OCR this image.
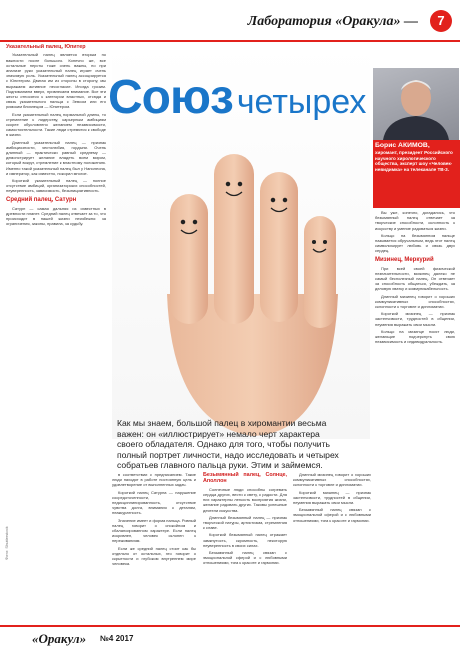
Лаборатория «Оракула» —	7
Указательный палец, Юпитер

Указательный палец является вторым по важности после большого. Конечно же, все остальные персты тоже очень важны, но при анализе руки указательный палец играет очень значимую роль. Указательный палец ассоциируется с Юпитером. Двигая им из стороны в сторону, мы выражаем активное несогласие. Иногда грозим. Подниманием вверх, привлекаем внимание. Все эти жесты относятся к категории властных, отсюда и связь указательного пальца с Зевсом или его римским близнецом — Юпитером.

Если указательный палец нормальной длины, то стремление к лидерству, карьерным амбициям скорее обусловлено желанием независимости, самостоятельности. Такие люди стремятся к свободе в жизни.

Длинный указательный палец — признак амбициозности, честолюбия, гордыни. Очень длинный — практически равный среднему — демонстрирует желание владеть всем миром, который вокруг, стремление к властному положению. Именно такой указательный палец был у Наполеона, и император, как известно, покорил многое.

Короткий указательный палец — полное отсутствие амбиций, организаторских способностей, неуверенность, зависимость, безынициативность.

Средний палец, Сатурн

Сатурн — самая дальняя из известных в древности планет. Средний палец отвечает за то, что происходит в нашей жизни неизбежно: за ограничения, законы, правила, за судьбу.

Союз четырех
Как мы знаем, большой палец в хиромантии весьма важен: он «иллюстрирует» немало черт характера своего обладателя. Однако для того, чтобы получить полный портрет личности, надо исследовать и четырех собратьев главного пальца руки. Этим и займемся.
Борис АКИМОВ,
хиромант, президент Российского научного хирологического общества, эксперт шоу «Человек-невидимка» на телеканале ТВ-3.

Вы уже, конечно, догадались, что безымянный палец отвечает за творческие способности, склонность к искусству и умение радоваться жизни.

Кольцо на безымянном пальце называется обручальным, ведь этот палец символизирует любовь и связь двух сердец.

Мизинец, Меркурий

При всей своей физической незначительности, мизинец далеко не самый бесполезный палец. Он отвечает за способность общаться, убеждать, за деловую хватку и коммуникабельность.

Длинный мизинец говорит о хороших коммуникативных способностях, склонности к торговле и дипломатии.

Короткий мизинец — признак застенчивости, трудностей в общении, неумения выражать свои мысли.

Кольцо на мизинце носят люди, желающие подчеркнуть свою независимость и индивидуальность.

в соответствии с предписанием. Такие люди находят в работе постоянную цель и удовлетворение от выполненных задач.

Короткий палец Сатурна — нарушение сосредоточенности, недисциплинированность, отсутствие чувства долга, внимания к деталям, неаккуратность.

Значение имеет и форма пальца. Ровный палец говорит о спокойном и сбалансированном характере. Если палец искривлен, человек склонен к переживаниям.

Если же средний палец стоит как бы отдельно от остальных, это говорит о скрытности и глубоком внутреннем мире человека.

Безымянный палец, Солнце, Аполлон

Солнечные люди способны согревать сердца других, вести к свету, к радости. Для них характерны легкость восприятия жизни, желание радовать других. Таковы успешные деятели искусства.

Длинный безымянный палец — признак творческой натуры, артистизма, стремления к славе.

Короткий безымянный палец отражает замкнутость, скромность, некоторую неуверенность в своих силах.

Безымянный палец связан с эмоциональной сферой и с любовными отношениями, тяга к красоте и гармонии.

Длинный мизинец говорит о хороших коммуникативных способностях, склонности к торговле и дипломатии.

Короткий мизинец — признак застенчивости, трудностей в общении, неумения выражать свои мысли.

Безымянный палец связан с эмоциональной сферой и с любовными отношениями, тяга к красоте и гармонии.

Фото: Shutterstock
«Оракул» №4 2017
